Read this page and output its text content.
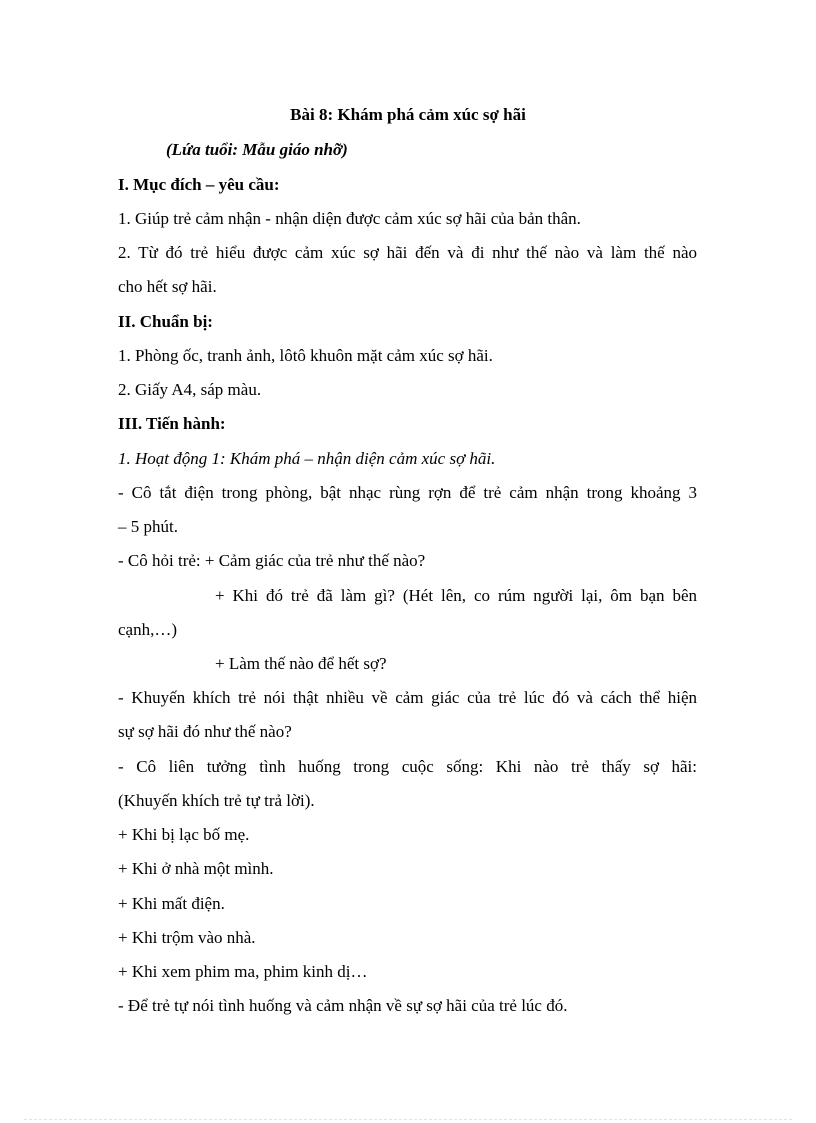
Bài 8: Khám phá cảm xúc sợ hãi
(Lứa tuổi: Mẫu giáo nhỡ)
I. Mục đích – yêu cầu:
1. Giúp trẻ cảm nhận - nhận diện được cảm xúc sợ hãi của bản thân.
2. Từ đó trẻ hiểu được cảm xúc sợ hãi đến và đi như thế nào và làm thế nào
cho hết sợ hãi.
II. Chuẩn bị:
1. Phòng ốc, tranh ảnh, lôtô khuôn mặt cảm xúc sợ hãi.
2. Giấy A4, sáp màu.
III. Tiến hành:
1. Hoạt động 1: Khám phá – nhận diện cảm xúc sợ hãi.
- Cô tắt điện trong phòng, bật nhạc rùng rợn để trẻ cảm nhận trong khoảng 3
– 5 phút.
- Cô hỏi trẻ: + Cảm giác của trẻ như thế nào?
+ Khi đó trẻ đã làm gì? (Hét lên, co rúm người lại, ôm bạn bên
cạnh,…)
+ Làm thế nào để hết sợ?
- Khuyến khích trẻ nói thật nhiều về cảm giác của trẻ lúc đó và cách thể hiện
sự sợ hãi đó như thế nào?
- Cô liên tưởng tình huống trong cuộc sống: Khi nào trẻ thấy sợ hãi:
(Khuyến khích trẻ tự trả lời).
+ Khi bị lạc bố mẹ.
+ Khi ở nhà một mình.
+ Khi mất điện.
+ Khi trộm vào nhà.
+ Khi xem phim ma, phim kinh dị…
- Để trẻ tự nói tình huống và cảm nhận về sự sợ hãi của trẻ lúc đó.
